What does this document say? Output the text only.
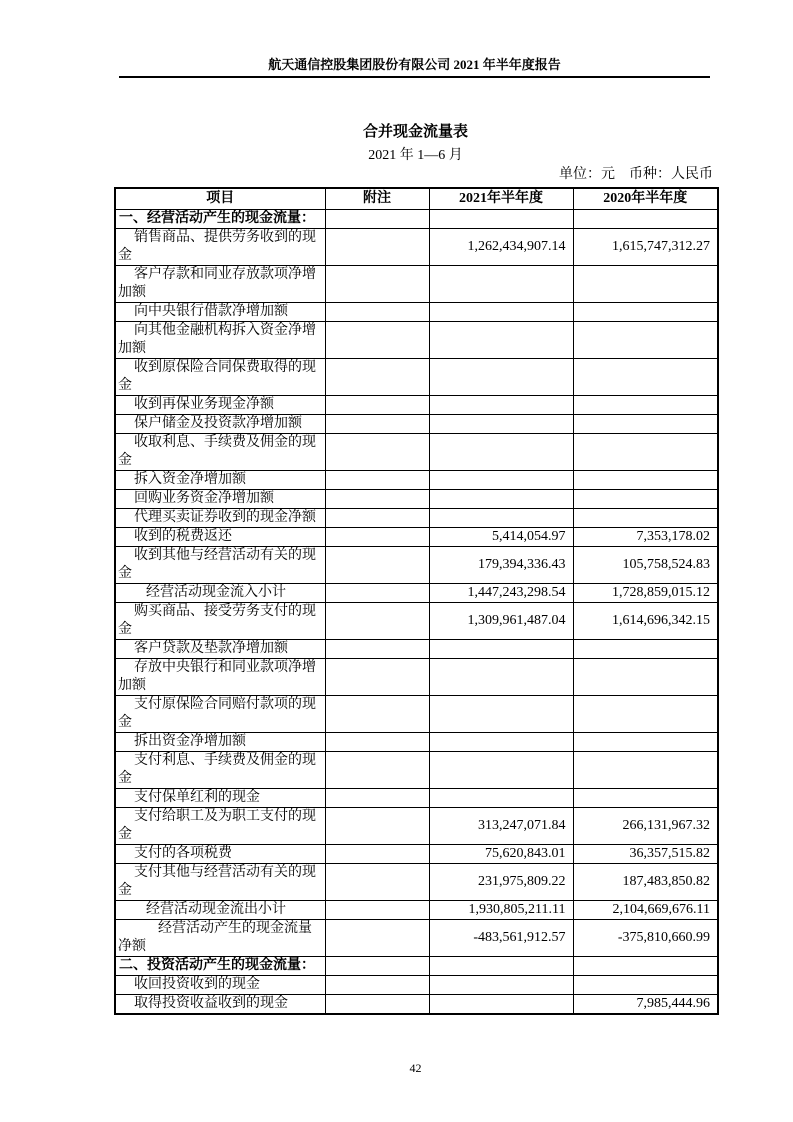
航天通信控股集团股份有限公司 2021 年半年度报告
合并现金流量表
2021 年 1—6 月
单位：元　币种：人民币
项目	附注	2021年半年度	2020年半年度
一、经营活动产生的现金流量：			
销售商品、提供劳务收到的现金		1,262,434,907.14	1,615,747,312.27
客户存款和同业存放款项净增加额			
向中央银行借款净增加额			
向其他金融机构拆入资金净增加额			
收到原保险合同保费取得的现金			
收到再保业务现金净额			
保户储金及投资款净增加额			
收取利息、手续费及佣金的现金			
拆入资金净增加额			
回购业务资金净增加额			
代理买卖证券收到的现金净额			
收到的税费返还		5,414,054.97	7,353,178.02
收到其他与经营活动有关的现金		179,394,336.43	105,758,524.83
经营活动现金流入小计		1,447,243,298.54	1,728,859,015.12
购买商品、接受劳务支付的现金		1,309,961,487.04	1,614,696,342.15
客户贷款及垫款净增加额			
存放中央银行和同业款项净增加额			
支付原保险合同赔付款项的现金			
拆出资金净增加额			
支付利息、手续费及佣金的现金			
支付保单红利的现金			
支付给职工及为职工支付的现金		313,247,071.84	266,131,967.32
支付的各项税费		75,620,843.01	36,357,515.82
支付其他与经营活动有关的现金		231,975,809.22	187,483,850.82
经营活动现金流出小计		1,930,805,211.11	2,104,669,676.11
经营活动产生的现金流量净额		-483,561,912.57	-375,810,660.99
二、投资活动产生的现金流量：			
收回投资收到的现金			
取得投资收益收到的现金			7,985,444.96
42
